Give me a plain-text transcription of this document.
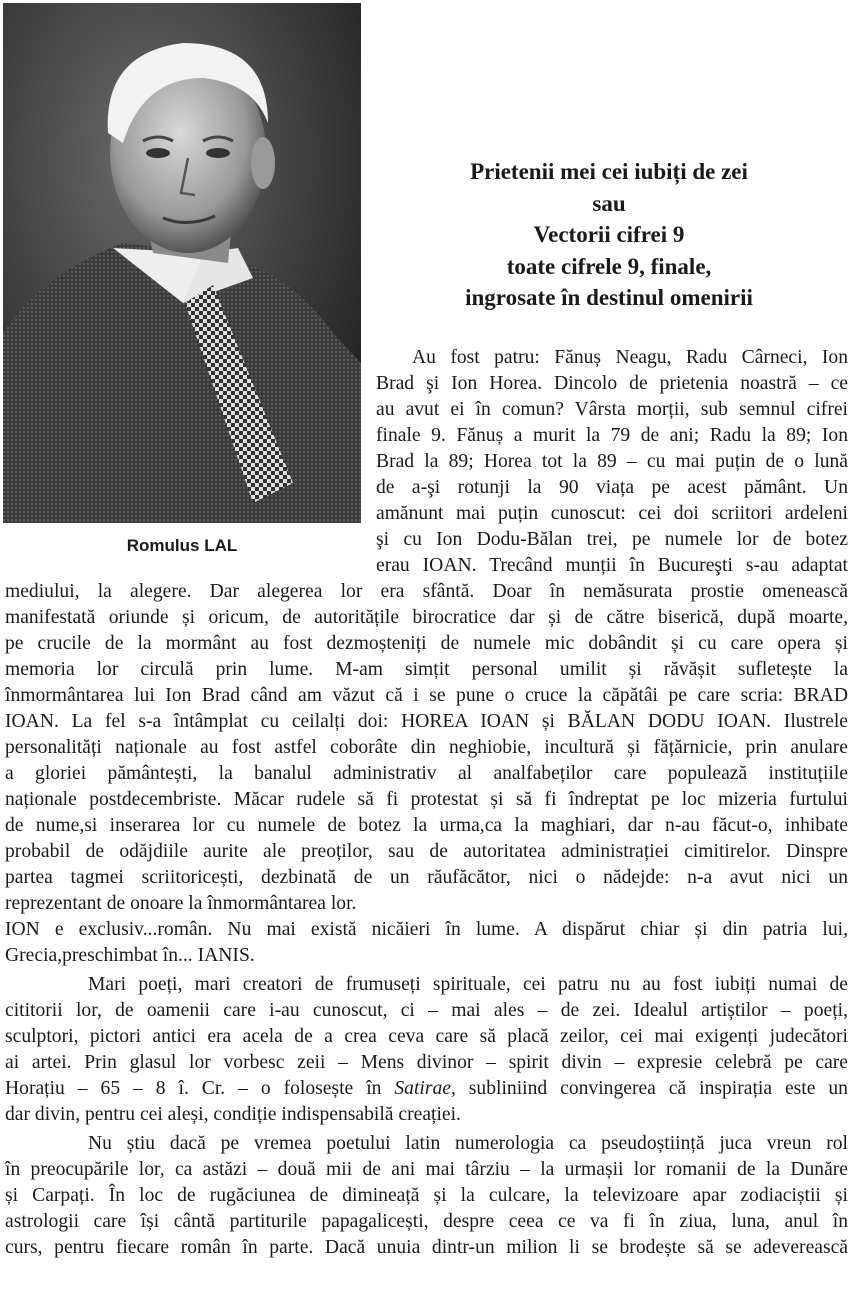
Romulus LAL
Prietenii mei cei iubiți de zei
sau
Vectorii cifrei 9
toate cifrele 9, finale,
ingrosate în destinul omenirii
Au fost patru: Fănuș Neagu, Radu Cârneci, Ion
Brad şi Ion Horea. Dincolo de prietenia noastră – ce
au avut ei în comun? Vârsta morții, sub semnul cifrei
finale 9. Fănuș a murit la 79 de ani; Radu la 89; Ion
Brad la 89; Horea tot la 89 – cu mai puțin de o lună
de a-şi rotunji la 90 viața pe acest pământ. Un
amănunt mai puțin cunoscut: cei doi scriitori ardeleni
şi cu Ion Dodu-Bălan trei, pe numele lor de botez
erau IOAN. Trecând munții în Bucureşti s-au adaptat
mediului, la alegere. Dar alegerea lor era sfântă. Doar în nemăsurata prostie omenească
manifestată oriunde și oricum, de autoritățile birocratice dar și de către biserică, după moarte,
pe crucile de la mormânt au fost dezmoșteniți de numele mic dobândit și cu care opera și
memoria lor circulă prin lume. M-am simțit personal umilit și răvășit sufletește la
înmormântarea lui Ion Brad când am văzut că i se pune o cruce la căpătâi pe care scria: BRAD
IOAN. La fel s-a întâmplat cu ceilalți doi: HOREA IOAN și BĂLAN DODU IOAN. Ilustrele
personalități naționale au fost astfel coborâte din neghiobie, incultură și fățărnicie, prin anulare
a gloriei pământești, la banalul administrativ al analfabeților care populează instituțiile
naționale postdecembriste. Măcar rudele să fi protestat și să fi îndreptat pe loc mizeria furtului
de nume,si inserarea lor cu numele de botez la urma,ca la maghiari, dar n-au făcut-o, inhibate
probabil de odăjdiile aurite ale preoților, sau de autoritatea administrației cimitirelor. Dinspre
partea tagmei scriitoricești, dezbinată de un răufăcător, nici o nădejde: n-a avut nici un
reprezentant de onoare la înmormântarea lor.
ION e exclusiv...român. Nu mai există nicăieri în lume. A dispărut chiar și din patria lui,
Grecia,preschimbat în... IANIS.
Mari poeți, mari creatori de frumuseți spirituale, cei patru nu au fost iubiți numai de
cititorii lor, de oamenii care i-au cunoscut, ci – mai ales – de zei. Idealul artiștilor – poeți,
sculptori, pictori antici era acela de a crea ceva care să placă zeilor, cei mai exigenți judecători
ai artei. Prin glasul lor vorbesc zeii – Mens divinor – spirit divin – expresie celebră pe care
Horațiu – 65 – 8 î. Cr. – o folosește în Satirae, subliniind convingerea că inspirația este un
dar divin, pentru cei aleși, condiție indispensabilă creației.
Nu știu dacă pe vremea poetului latin numerologia ca pseudoștiință juca vreun rol
în preocupările lor, ca astăzi – două mii de ani mai târziu – la urmașii lor romanii de la Dunăre
și Carpați. În loc de rugăciunea de dimineață și la culcare, la televizoare apar zodiaciștii și
astrologii care își cântă partiturile papagalicești, despre ceea ce va fi în ziua, luna, anul în
curs, pentru fiecare român în parte. Dacă unuia dintr-un milion li se brodește să se adeverească
